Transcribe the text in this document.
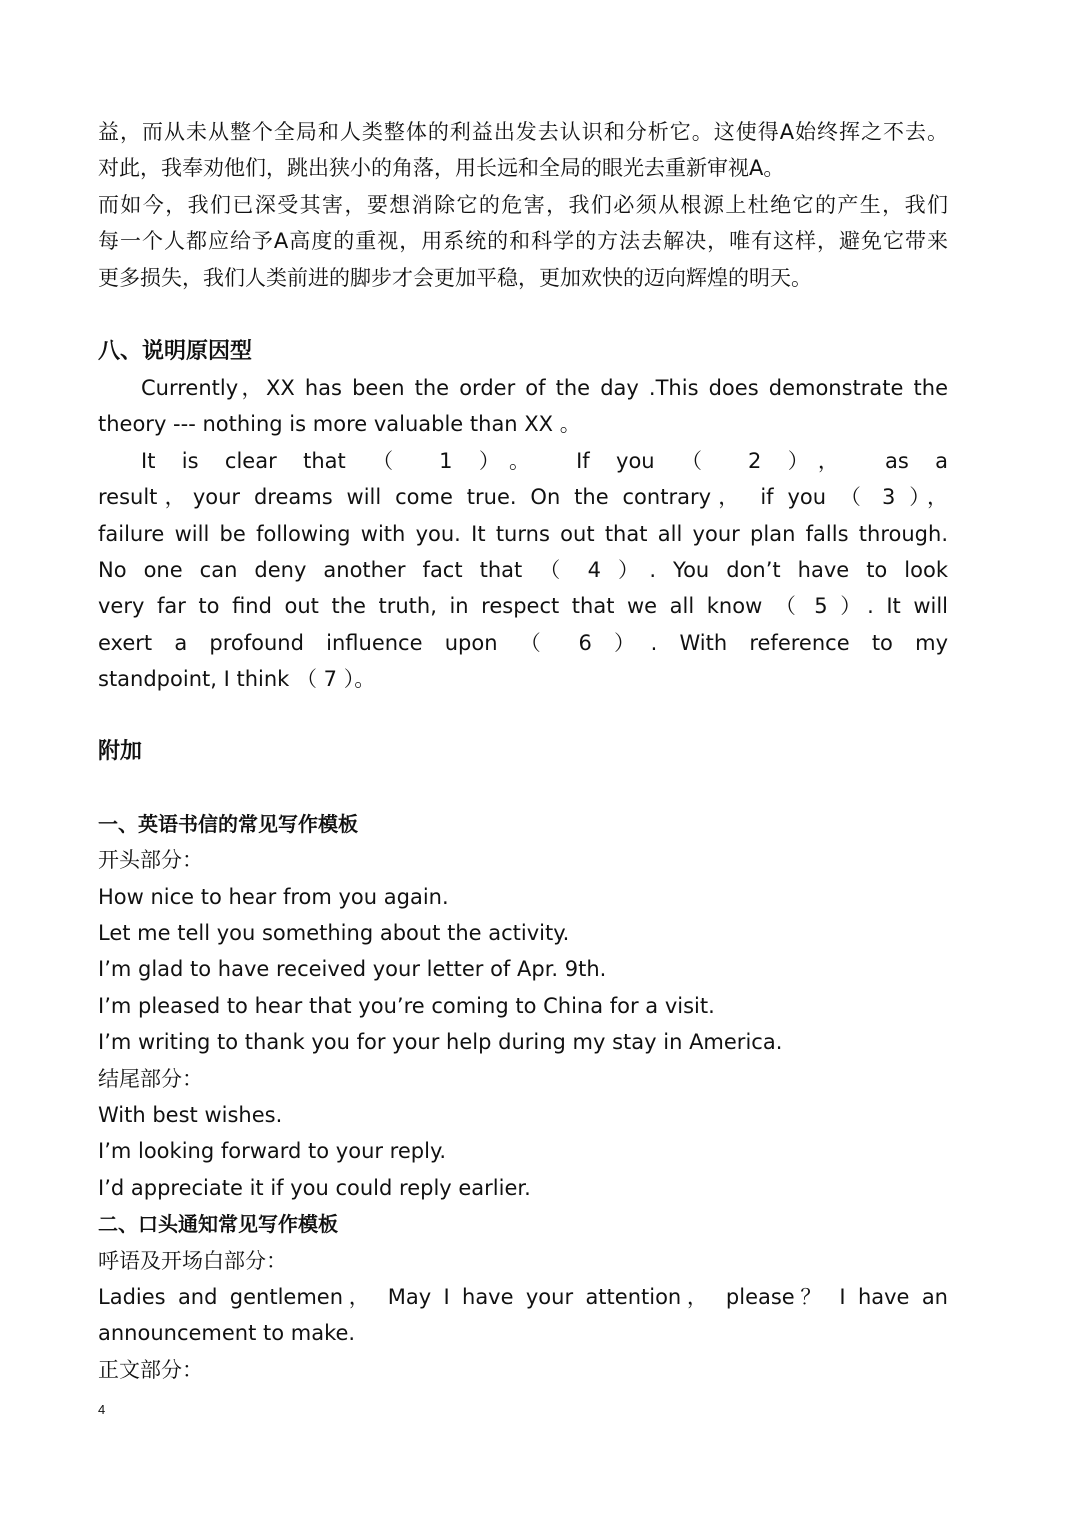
益，而从未从整个全局和人类整体的利益出发去认识和分析它。这使得A始终挥之不去。

对此，我奉劝他们，跳出狭小的角落，用长远和全局的眼光去重新审视A。

而如今，我们已深受其害，要想消除它的危害，我们必须从根源上杜绝它的产生，我们

每一个人都应给予A高度的重视，用系统的和科学的方法去解决，唯有这样，避免它带来

更多损失，我们人类前进的脚步才会更加平稳，更加欢快的迈向辉煌的明天。

八、说明原因型

Currently，XX has been the order of the day .This does demonstrate the

theory --- nothing is more valuable than XX 。

It is clear that （ 1 ）。 If you （ 2 ）， as a

result，your dreams will come true. On the contrary， if you （ 3 ），

failure will be following with you. It turns out that all your plan falls through.

No one can deny another fact that （ 4 ）. You don’t have to look

very far to find out the truth, in respect that we all know （ 5 ）. It will

exert a profound influence upon （ 6 ）. With reference to my

standpoint, I think （ 7 ）。

附加

一、英语书信的常见写作模板

开头部分：

How nice to hear from you again.

Let me tell you something about the activity.

I’m glad to have received your letter of Apr. 9th.

I’m pleased to hear that you’re coming to China for a visit.

I’m writing to thank you for your help during my stay in America.

结尾部分：

With best wishes.

I’m looking forward to your reply.

I’d appreciate it if you could reply earlier.

二、口头通知常见写作模板

呼语及开场白部分：

Ladies and gentlemen， May I have your attention， please？ I have an

announcement to make.

正文部分：

4
